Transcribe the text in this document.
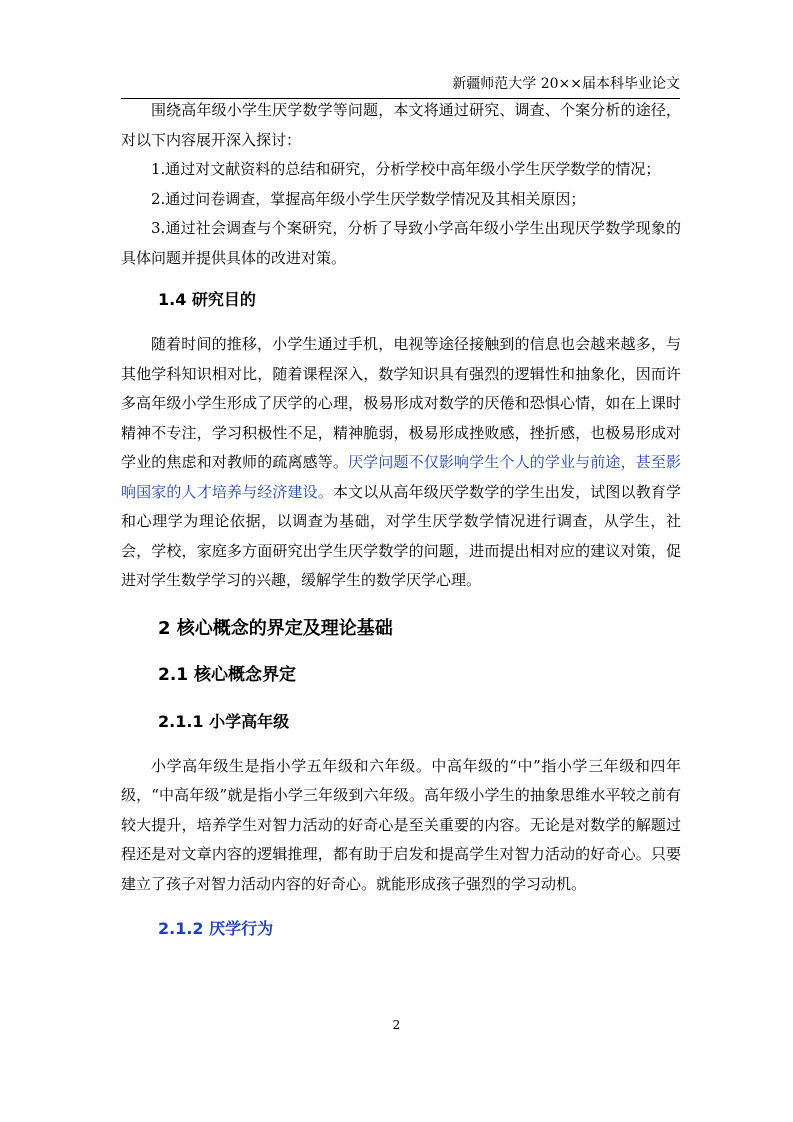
新疆师范大学 20××届本科毕业论文

围绕高年级小学生厌学数学等问题，本文将通过研究、调查、个案分析的途径，对以下内容展开深入探讨：

1.通过对文献资料的总结和研究，分析学校中高年级小学生厌学数学的情况；

2.通过问卷调查，掌握高年级小学生厌学数学情况及其相关原因；

3.通过社会调查与个案研究，分析了导致小学高年级小学生出现厌学数学现象的具体问题并提供具体的改进对策。

1.4 研究目的

随着时间的推移，小学生通过手机，电视等途径接触到的信息也会越来越多，与其他学科知识相对比，随着课程深入，数学知识具有强烈的逻辑性和抽象化，因而许多高年级小学生形成了厌学的心理，极易形成对数学的厌倦和恐惧心情，如在上课时精神不专注，学习积极性不足，精神脆弱，极易形成挫败感，挫折感，也极易形成对学业的焦虑和对教师的疏离感等。厌学问题不仅影响学生个人的学业与前途，甚至影响国家的人才培养与经济建设。本文以从高年级厌学数学的学生出发，试图以教育学和心理学为理论依据，以调查为基础，对学生厌学数学情况进行调查，从学生，社会，学校，家庭多方面研究出学生厌学数学的问题，进而提出相对应的建议对策，促进对学生数学学习的兴趣，缓解学生的数学厌学心理。

2 核心概念的界定及理论基础
2.1 核心概念界定
2.1.1 小学高年级

小学高年级生是指小学五年级和六年级。中高年级的“中”指小学三年级和四年级，“中高年级”就是指小学三年级到六年级。高年级小学生的抽象思维水平较之前有较大提升，培养学生对智力活动的好奇心是至关重要的内容。无论是对数学的解题过程还是对文章内容的逻辑推理，都有助于启发和提高学生对智力活动的好奇心。只要建立了孩子对智力活动内容的好奇心。就能形成孩子强烈的学习动机。

2.1.2 厌学行为
2
